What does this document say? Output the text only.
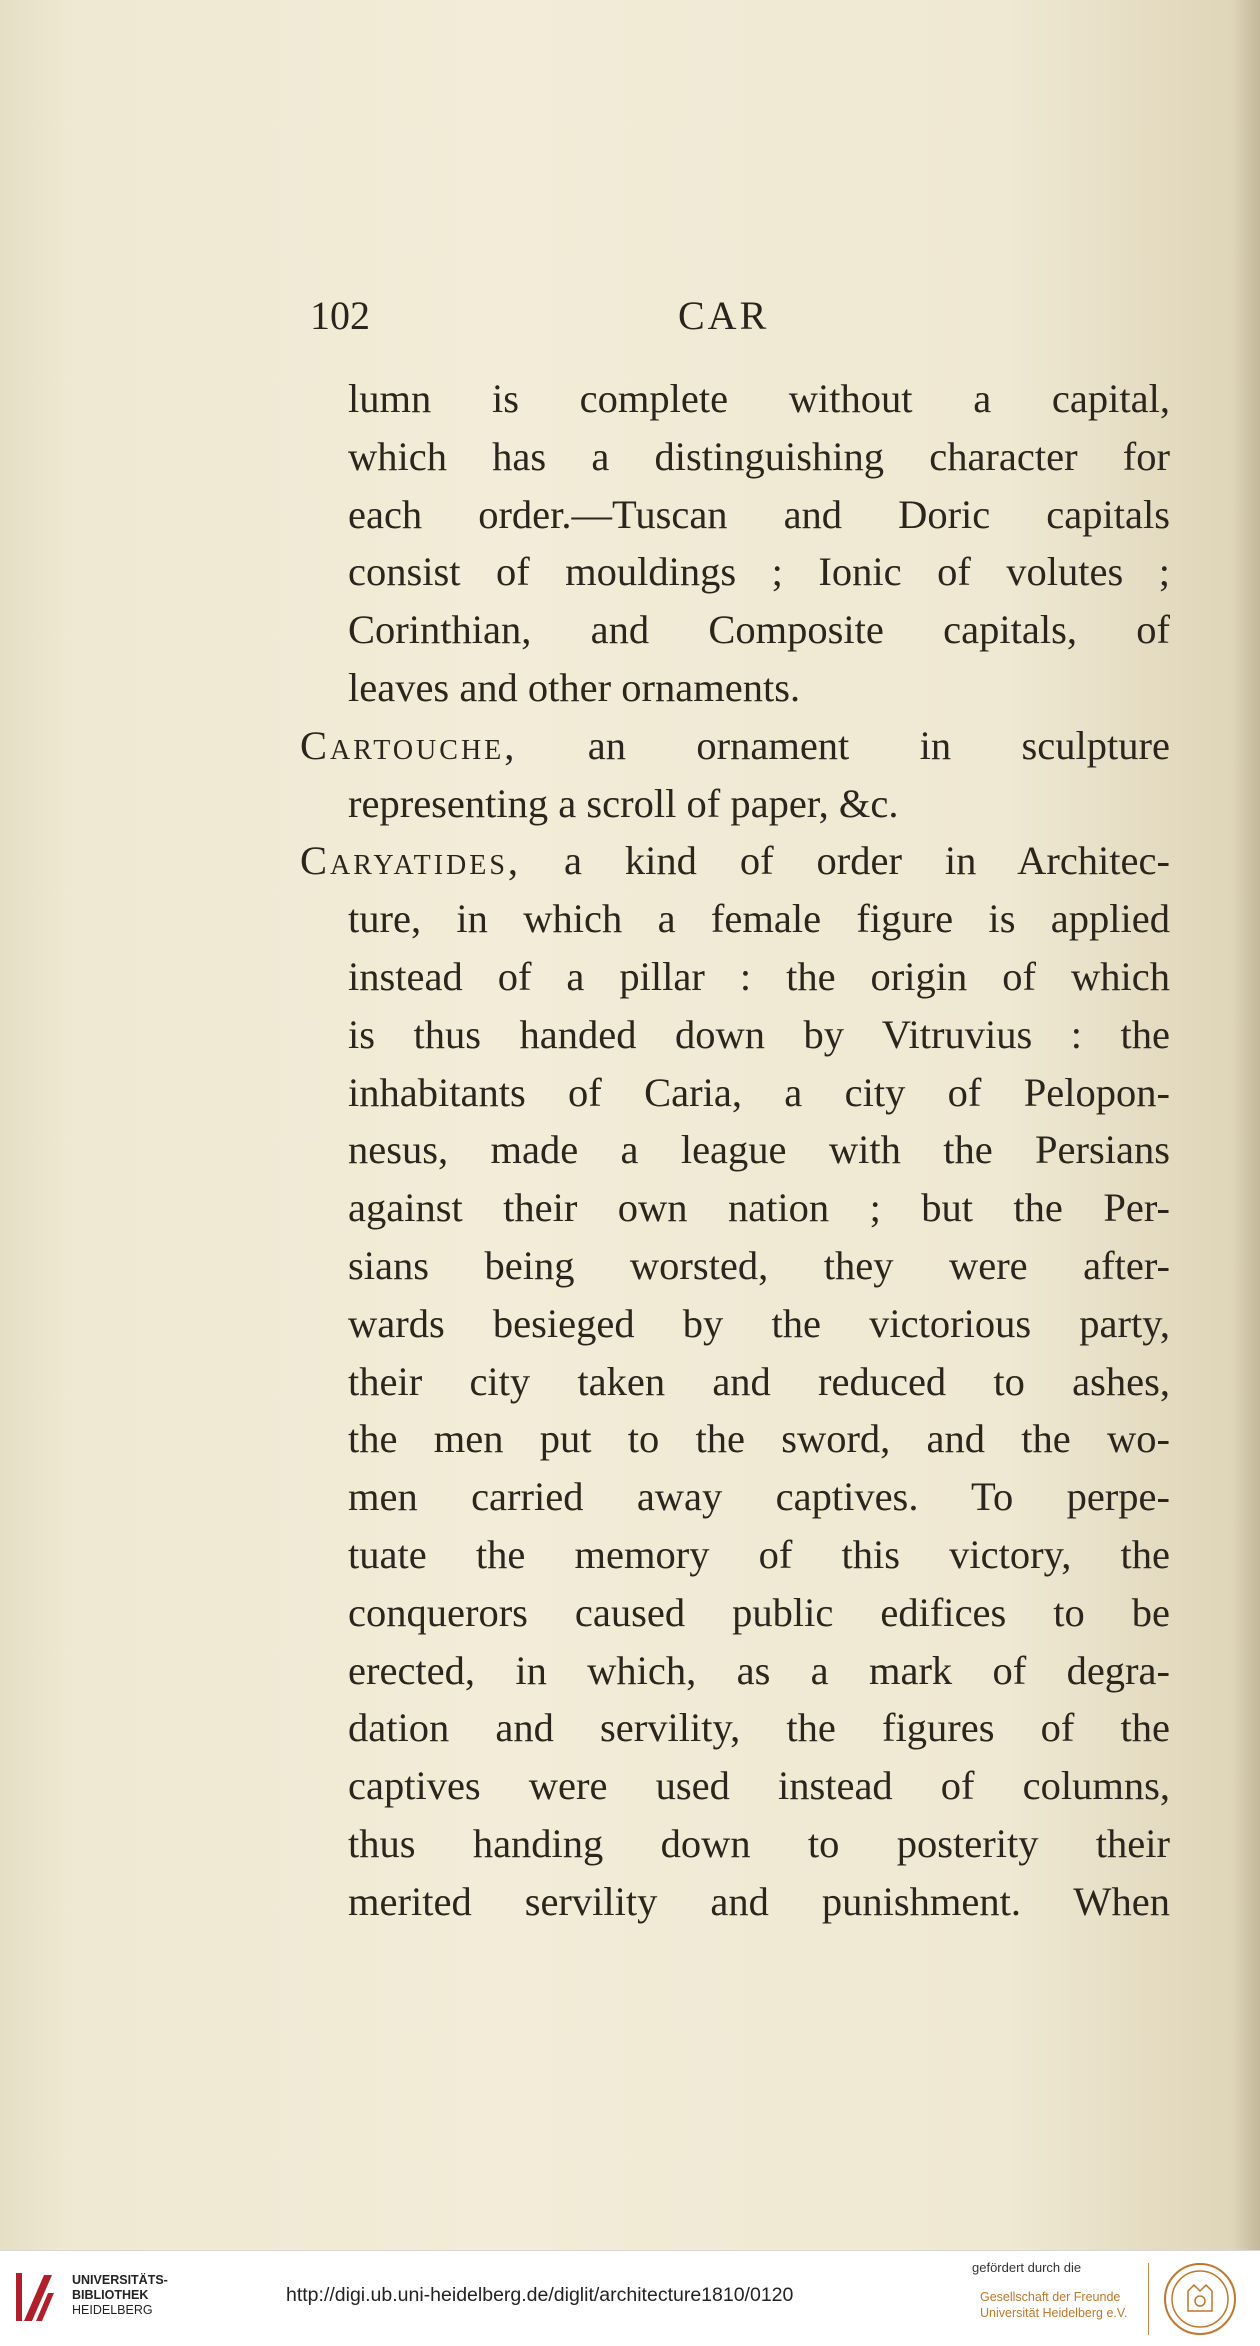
102	CAR
lumn is complete without a capital,
which has a distinguishing character for
each order.—Tuscan and Doric capitals
consist of mouldings ; Ionic of volutes ;
Corinthian, and Composite capitals, of
leaves and other ornaments.
Cartouche, an ornament in sculpture
representing a scroll of paper, &c.
Caryatides, a kind of order in Architec-
ture, in which a female figure is applied
instead of a pillar : the origin of which
is thus handed down by Vitruvius : the
inhabitants of Caria, a city of Pelopon-
nesus, made a league with the Persians
against their own nation ; but the Per-
sians being worsted, they were after-
wards besieged by the victorious party,
their city taken and reduced to ashes,
the men put to the sword, and the wo-
men carried away captives. To perpe-
tuate the memory of this victory, the
conquerors caused public edifices to be
erected, in which, as a mark of degra-
dation and servility, the figures of the
captives were used instead of columns,
thus handing down to posterity their
merited servility and punishment. When
UNIVERSITÄTS-
BIBLIOTHEK
HEIDELBERG
http://digi.ub.uni-heidelberg.de/diglit/architecture1810/0120
gefördert durch die
Gesellschaft der Freunde
Universität Heidelberg e.V.
